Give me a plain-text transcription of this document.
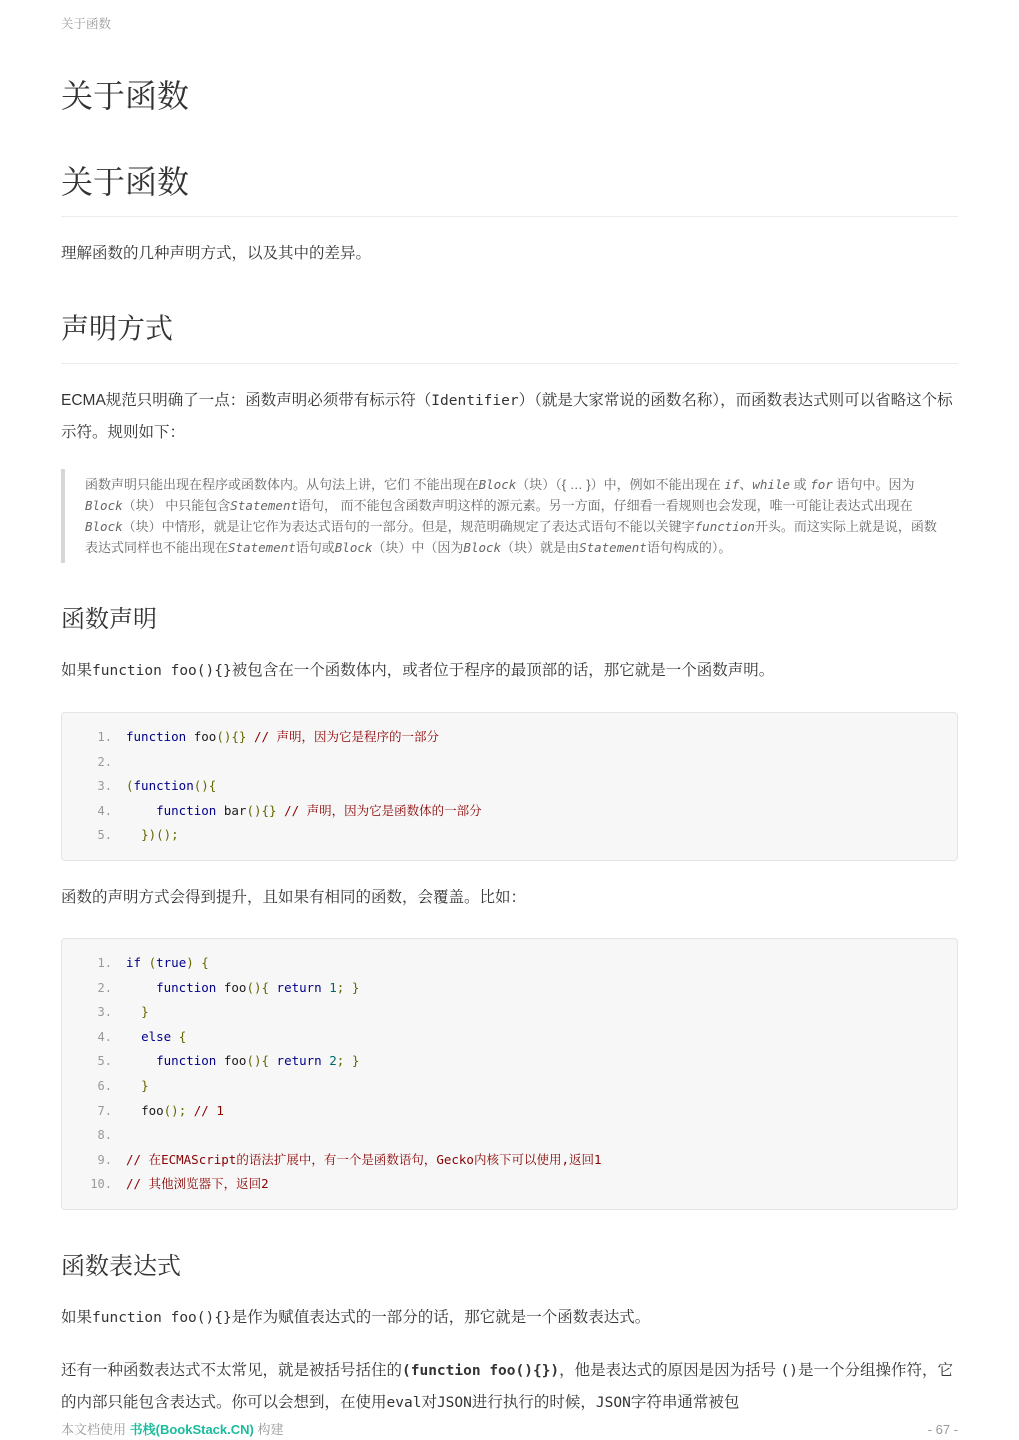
关于函数
关于函数
关于函数

理解函数的几种声明方式，以及其中的差异。

声明方式

ECMA规范只明确了一点：函数声明必须带有标示符（Identifier）（就是大家常说的函数名称），而函数表达式则可以省略这个标示符。规则如下：

函数声明只能出现在程序或函数体内。从句法上讲，它们 不能出现在Block（块）（{ … }）中，例如不能出现在 if、while 或 for 语句中。因为Block（块） 中只能包含Statement语句， 而不能包含函数声明这样的源元素。另一方面，仔细看一看规则也会发现，唯一可能让表达式出现在Block（块）中情形，就是让它作为表达式语句的一部分。但是，规范明确规定了表达式语句不能以关键字function开头。而这实际上就是说，函数表达式同样也不能出现在Statement语句或Block（块）中（因为Block（块）就是由Statement语句构成的）。
函数声明

如果function foo(){}被包含在一个函数体内，或者位于程序的最顶部的话，那它就是一个函数声明。

function foo(){} // 声明，因为它是程序的一部分
(function(){
function bar(){} // 声明，因为它是函数体的一部分
})();

函数的声明方式会得到提升，且如果有相同的函数，会覆盖。比如：

if (true) {
function foo(){ return 1; }
}
else {
function foo(){ return 2; }
}
foo(); // 1
// 在ECMAScript的语法扩展中，有一个是函数语句，Gecko内核下可以使用,返回1
// 其他浏览器下，返回2
函数表达式

如果function foo(){}是作为赋值表达式的一部分的话，那它就是一个函数表达式。

还有一种函数表达式不太常见，就是被括号括住的(function foo(){})，他是表达式的原因是因为括号 ()是一个分组操作符，它的内部只能包含表达式。你可以会想到，在使用eval对JSON进行执行的时候，JSON字符串通常被包

本文档使用 书栈(BookStack.CN) 构建	- 67 -
